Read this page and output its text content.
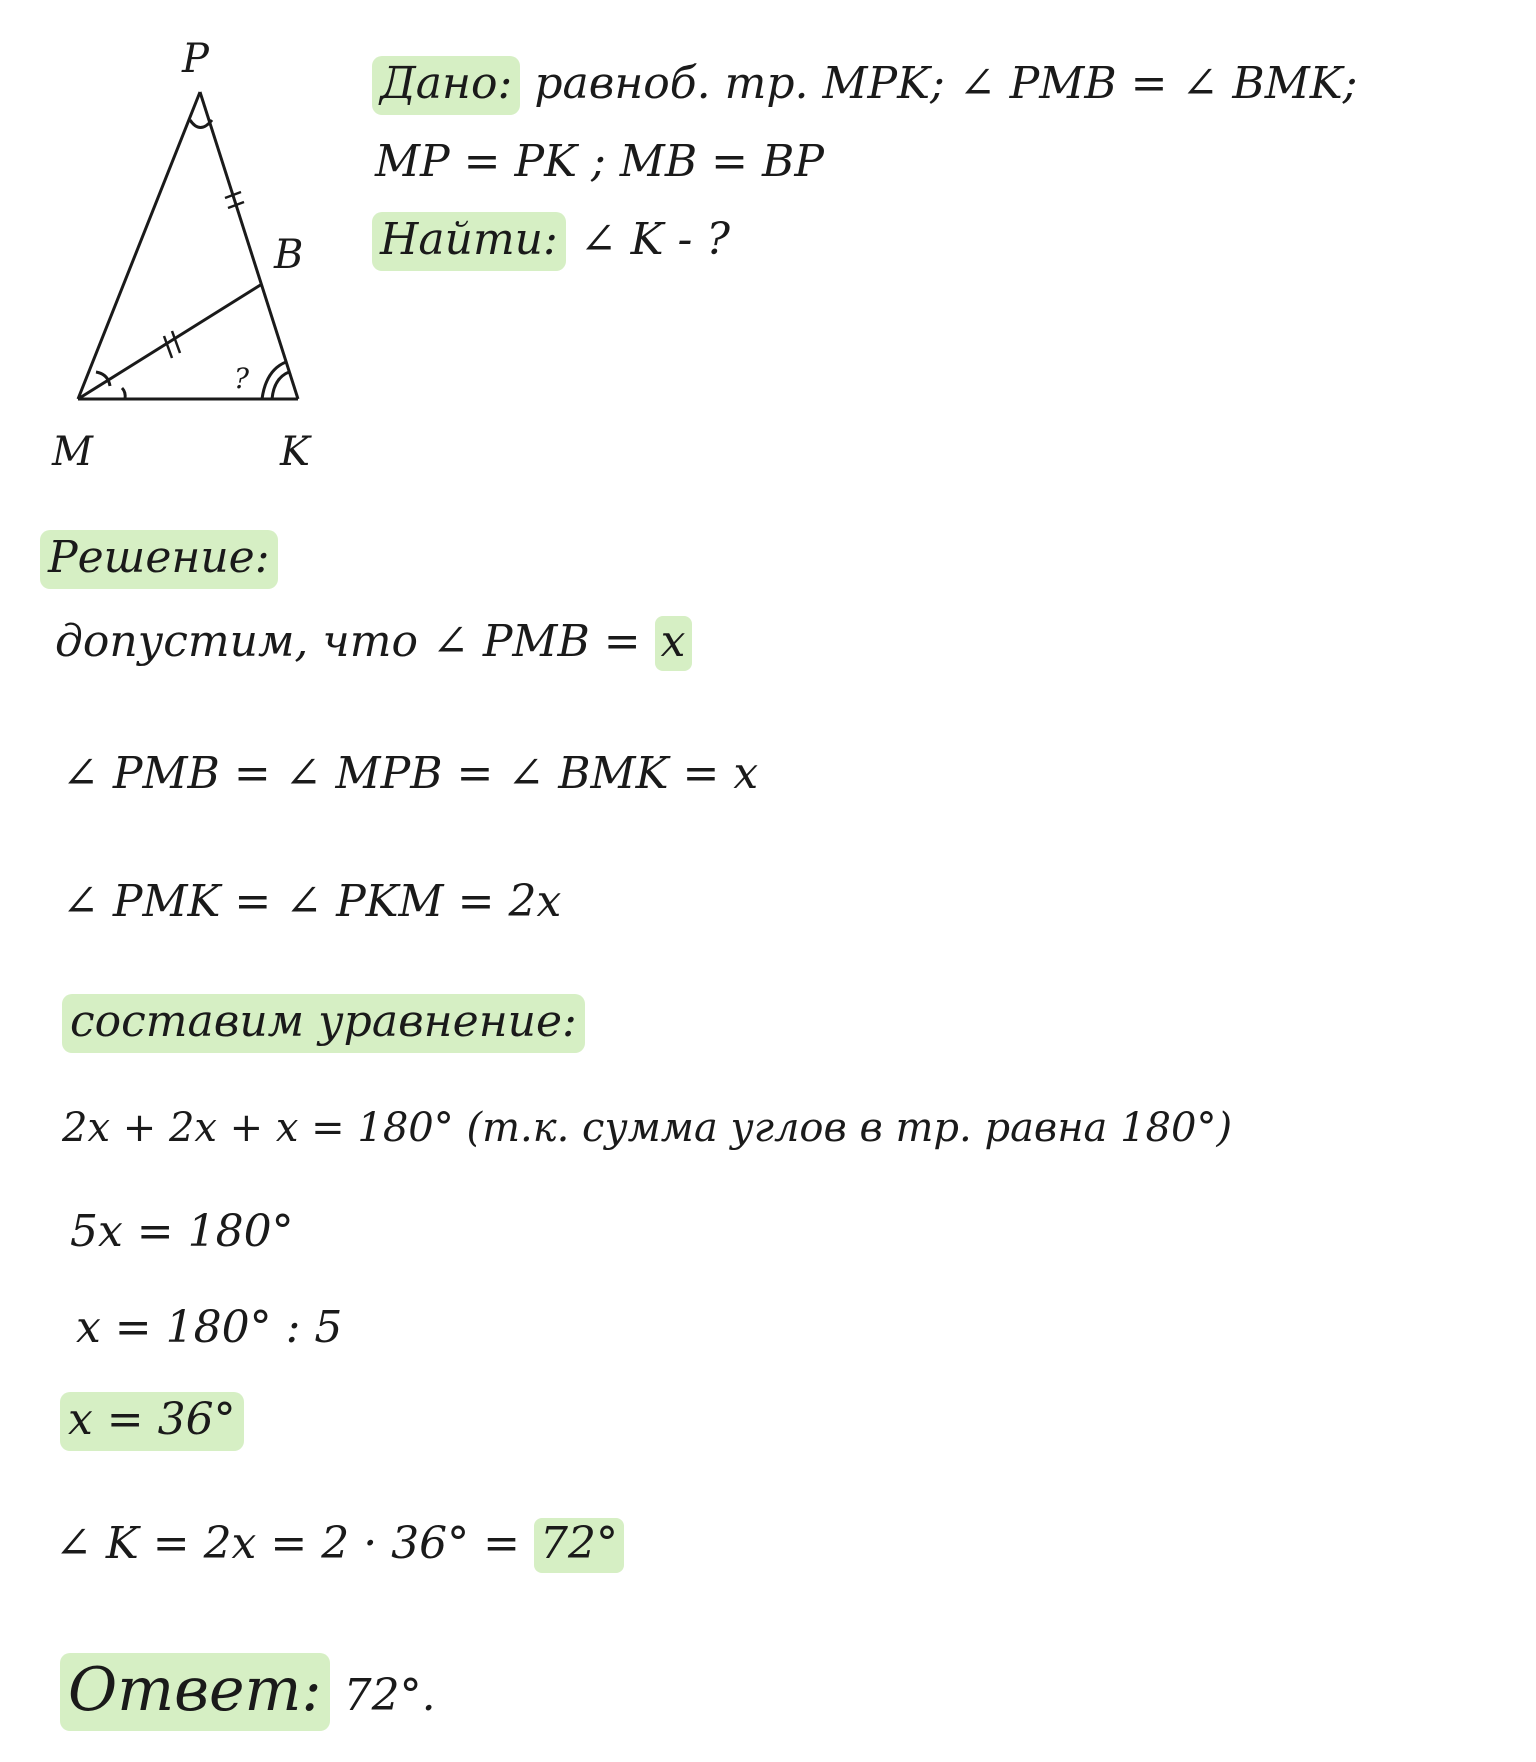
P
B
M	K
?
Дано: равноб. тр. MPK; ∠ PMB = ∠ BMK;
MP = PK ; MB = BP
Найти: ∠ K - ?
Решение:
допустим, что ∠ PMB = x
∠ PMB = ∠ MPB = ∠ BMK = x
∠ PMK = ∠ PKM = 2x
составим уравнение:
2x + 2x + x = 180° (т.к. сумма углов в тр. равна 180°)
5x = 180°
x = 180° : 5
x = 36°
∠ K = 2x = 2 · 36° = 72°
Ответ: 72°.
